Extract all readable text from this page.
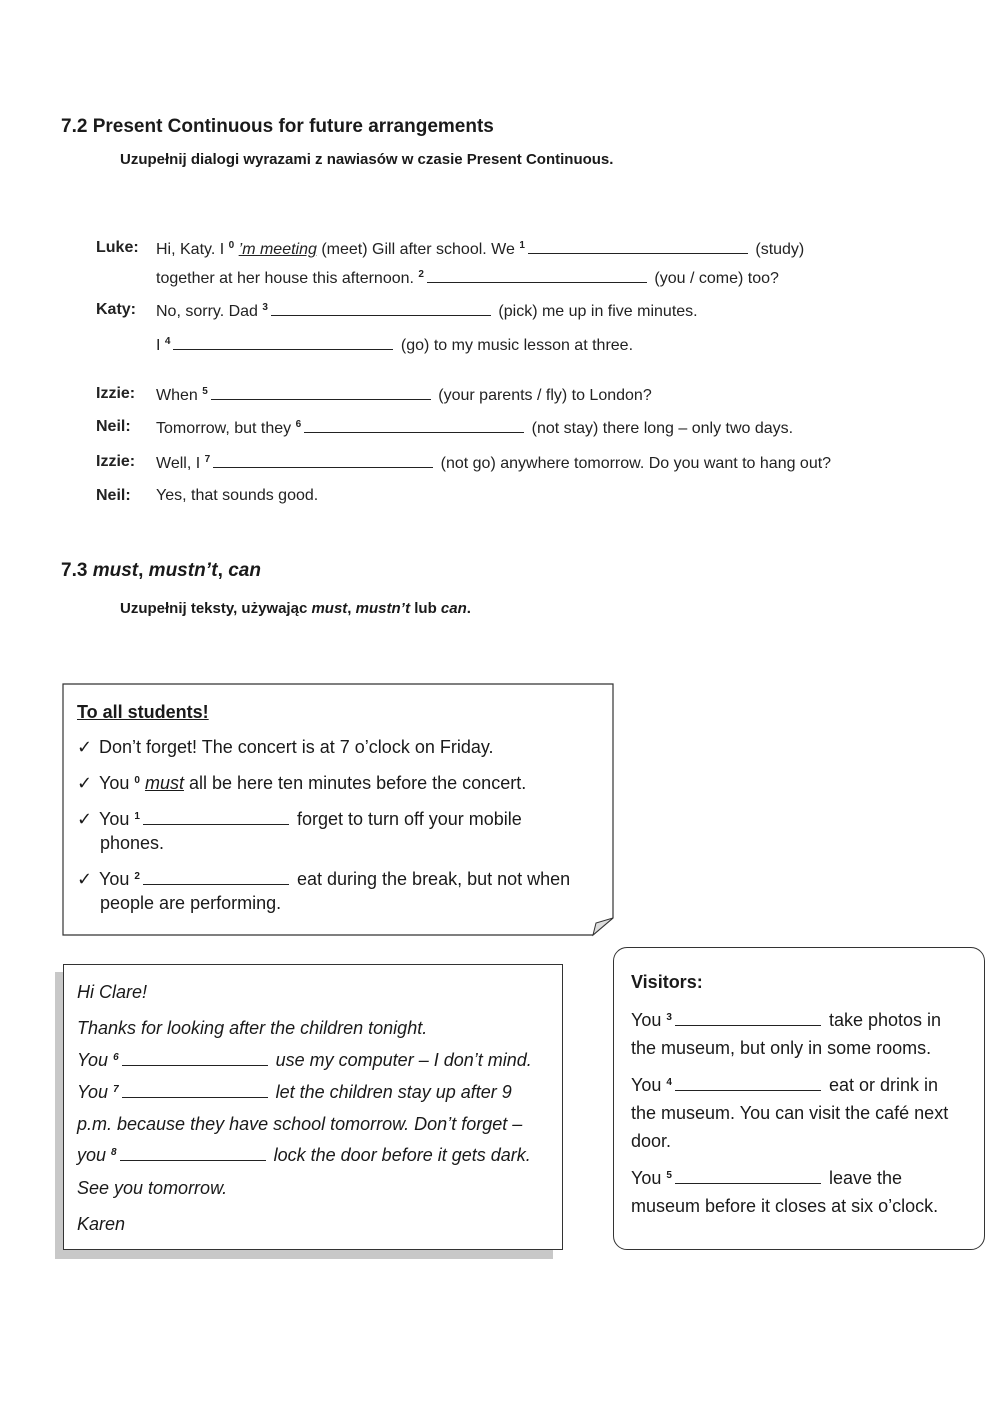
7.2 Present Continuous for future arrangements
Uzupełnij dialogi wyrazami z nawiasów w czasie Present Continuous.
Luke: Hi, Katy. I $^0$ ’m meeting (meet) Gill after school. We $^1$	(study)
together at her house this afternoon. $^2$	(you / come) too?
Katy: No, sorry. Dad $^3$	(pick) me up in five minutes.
I $^4$	(go) to my music lesson at three.
Izzie: When $^5$	(your parents / fly) to London?
Neil: Tomorrow, but they $^6$	(not stay) there long – only two days.
Izzie: Well, I $^7$	(not go) anywhere tomorrow. Do you want to hang out?
Neil: Yes, that sounds good.
7.3 must, mustn’t, can
Uzupełnij teksty, używając must, mustn’t lub can.
To all students!
✓ Don’t forget! The concert is at 7 o’clock on Friday.
✓ You $^0$ must all be here ten minutes before the concert.
✓ You $^1$	forget to turn off your mobile
phones.
✓ You $^2$	eat during the break, but not when
people are performing.
Hi Clare!
Thanks for looking after the children tonight.
You $^6$	use my computer – I don’t mind.
You $^7$	let the children stay up after 9
p.m. because they have school tomorrow. Don’t forget –
you $^8$	lock the door before it gets dark.
See you tomorrow.
Karen
Visitors:
You $^3$	take photos in
the museum, but only in some rooms.
You $^4$	eat or drink in
the museum. You can visit the café next
door.
You $^5$	leave the
museum before it closes at six o’clock.
